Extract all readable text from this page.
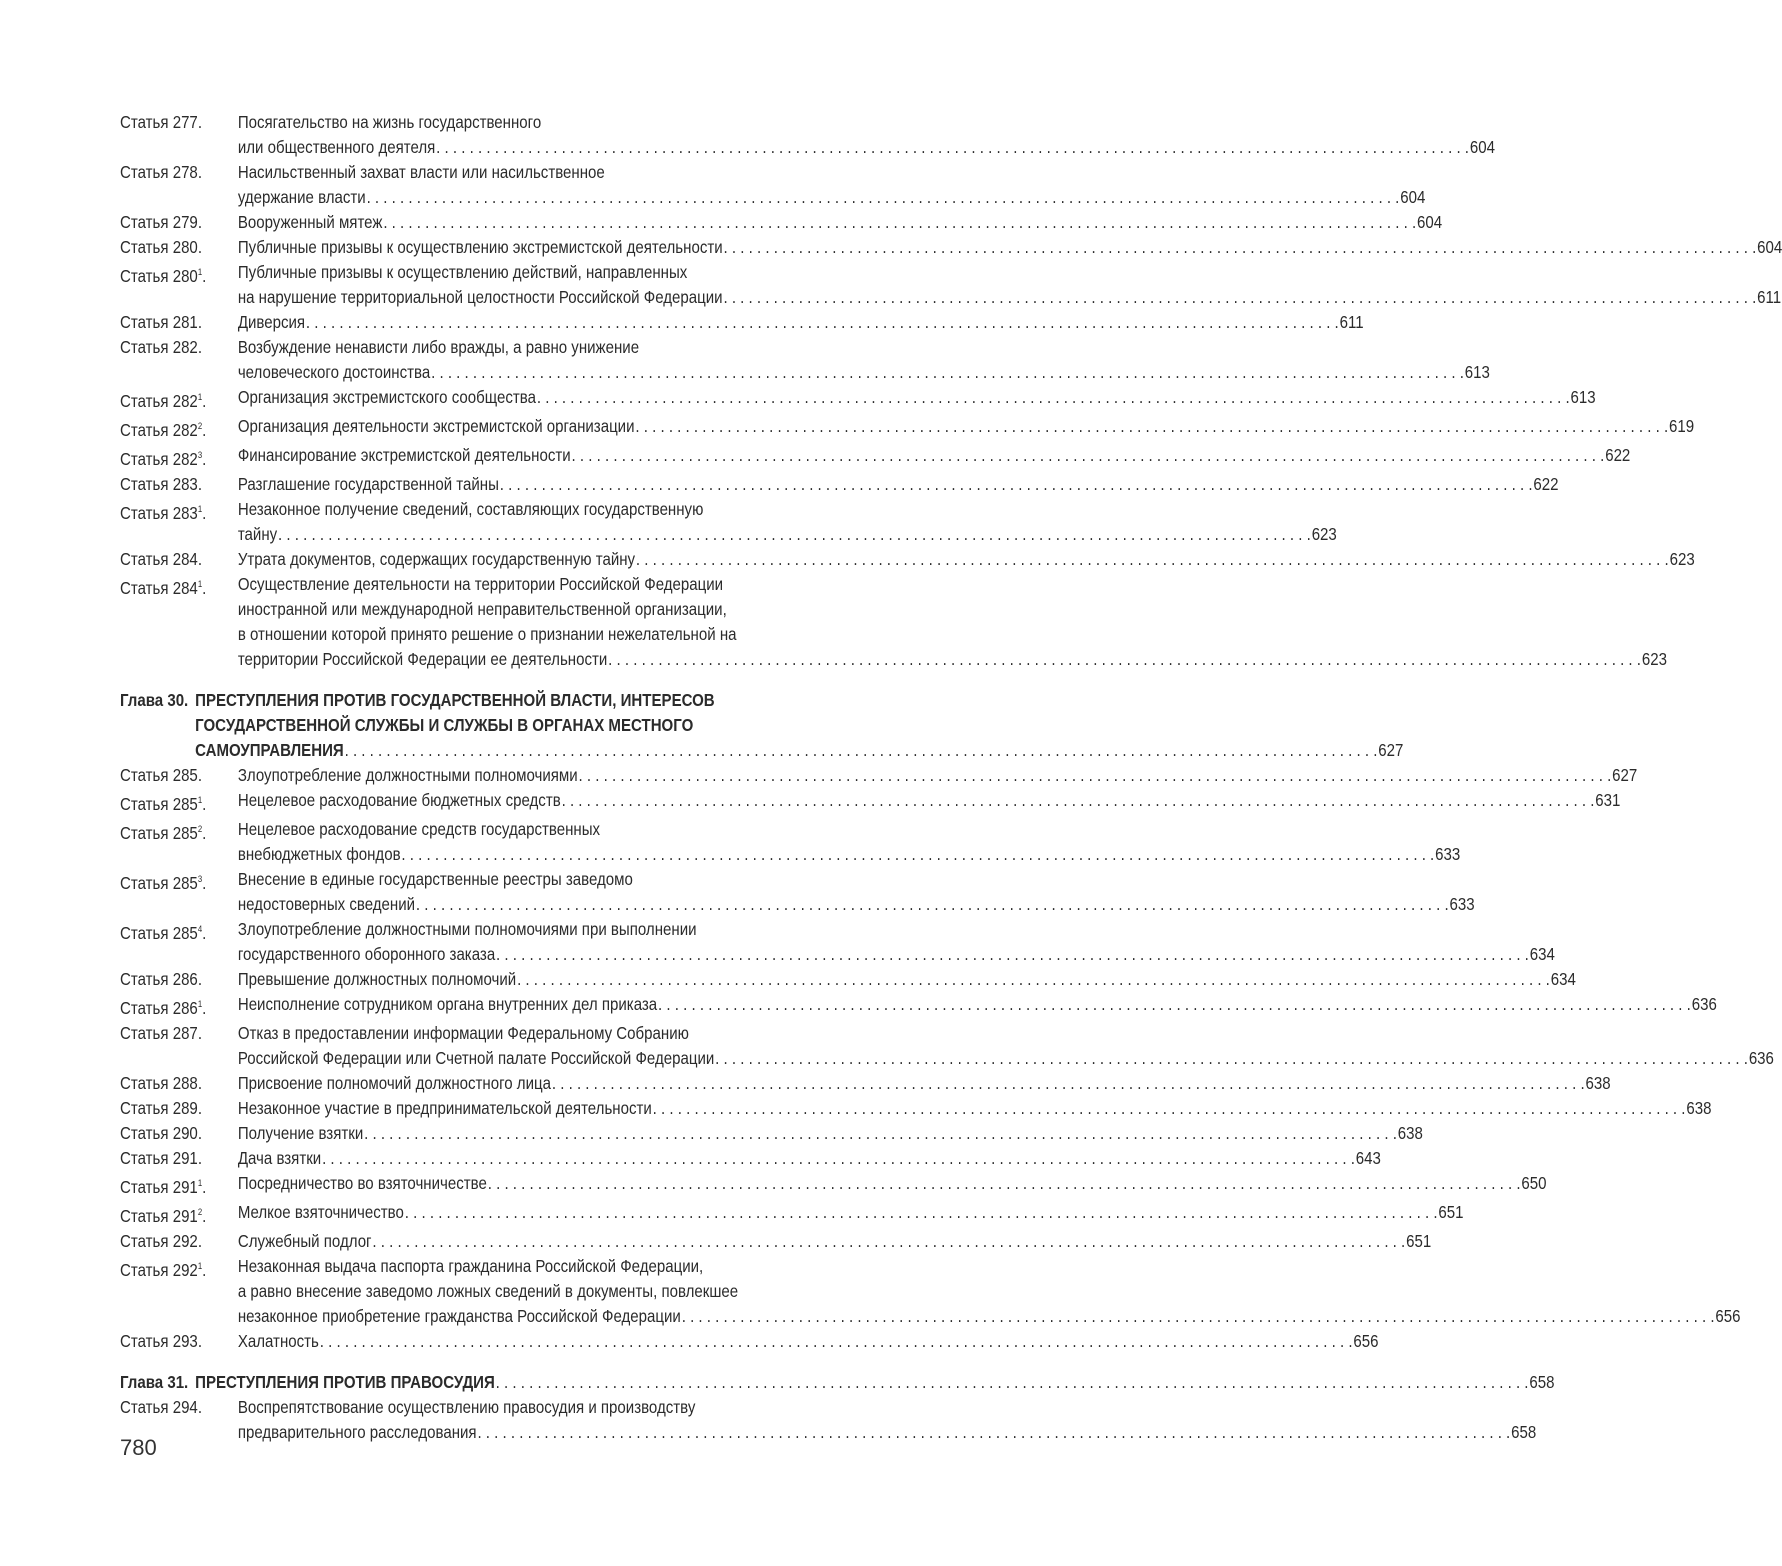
Статья 277.	Посягательство на жизнь государственного
или общественного деятеля . . .	604
Статья 278.	Насильственный захват власти или насильственное
удержание власти . . .	604
Статья 279.	Вооруженный мятеж . . .	604
Статья 280.	Публичные призывы к осуществлению экстремистской деятельности . . .	604
Статья $280^1$.	Публичные призывы к осуществлению действий, направленных
на нарушение территориальной целостности Российской Федерации . . .	611
Статья 281.	Диверсия . . .	611
Статья 282.	Возбуждение ненависти либо вражды, а равно унижение
человеческого достоинства . . .	613
Статья $282^1$.	Организация экстремистского сообщества . . .	613
Статья $282^2$.	Организация деятельности экстремистской организации . . .	619
Статья $282^3$.	Финансирование экстремистской деятельности . . .	622
Статья 283.	Разглашение государственной тайны . . .	622
Статья $283^1$.	Незаконное получение сведений, составляющих государственную
тайну . . .	623
Статья 284.	Утрата документов, содержащих государственную тайну . . .	623
Статья $284^1$.	Осуществление деятельности на территории Российской Федерации
иностранной или международной неправительственной организации,
в отношении которой принято решение о признании нежелательной на
территории Российской Федерации ее деятельности . . .	623
Глава 30. ПРЕСТУПЛЕНИЯ ПРОТИВ ГОСУДАРСТВЕННОЙ ВЛАСТИ, ИНТЕРЕСОВ
ГОСУДАРСТВЕННОЙ СЛУЖБЫ И СЛУЖБЫ В ОРГАНАХ МЕСТНОГО
САМОУПРАВЛЕНИЯ . . .	627
Статья 285.	Злоупотребление должностными полномочиями . . .	627
Статья $285^1$.	Нецелевое расходование бюджетных средств . . .	631
Статья $285^2$.	Нецелевое расходование средств государственных
внебюджетных фондов . . .	633
Статья $285^3$.	Внесение в единые государственные реестры заведомо
недостоверных сведений . . .	633
Статья $285^4$.	Злоупотребление должностными полномочиями при выполнении
государственного оборонного заказа . . .	634
Статья 286.	Превышение должностных полномочий . . .	634
Статья $286^1$.	Неисполнение сотрудником органа внутренних дел приказа . . .	636
Статья 287.	Отказ в предоставлении информации Федеральному Собранию
Российской Федерации или Счетной палате Российской Федерации . . .	636
Статья 288.	Присвоение полномочий должностного лица . . .	638
Статья 289.	Незаконное участие в предпринимательской деятельности . . .	638
Статья 290.	Получение взятки . . .	638
Статья 291.	Дача взятки . . .	643
Статья $291^1$.	Посредничество во взяточничестве . . .	650
Статья $291^2$.	Мелкое взяточничество . . .	651
Статья 292.	Служебный подлог . . .	651
Статья $292^1$.	Незаконная выдача паспорта гражданина Российской Федерации,
а равно внесение заведомо ложных сведений в документы, повлекшее
незаконное приобретение гражданства Российской Федерации . . .	656
Статья 293.	Халатность . . .	656
Глава 31. ПРЕСТУПЛЕНИЯ ПРОТИВ ПРАВОСУДИЯ . . .	658
Статья 294.	Воспрепятствование осуществлению правосудия и производству
предварительного расследования . . .	658
780
